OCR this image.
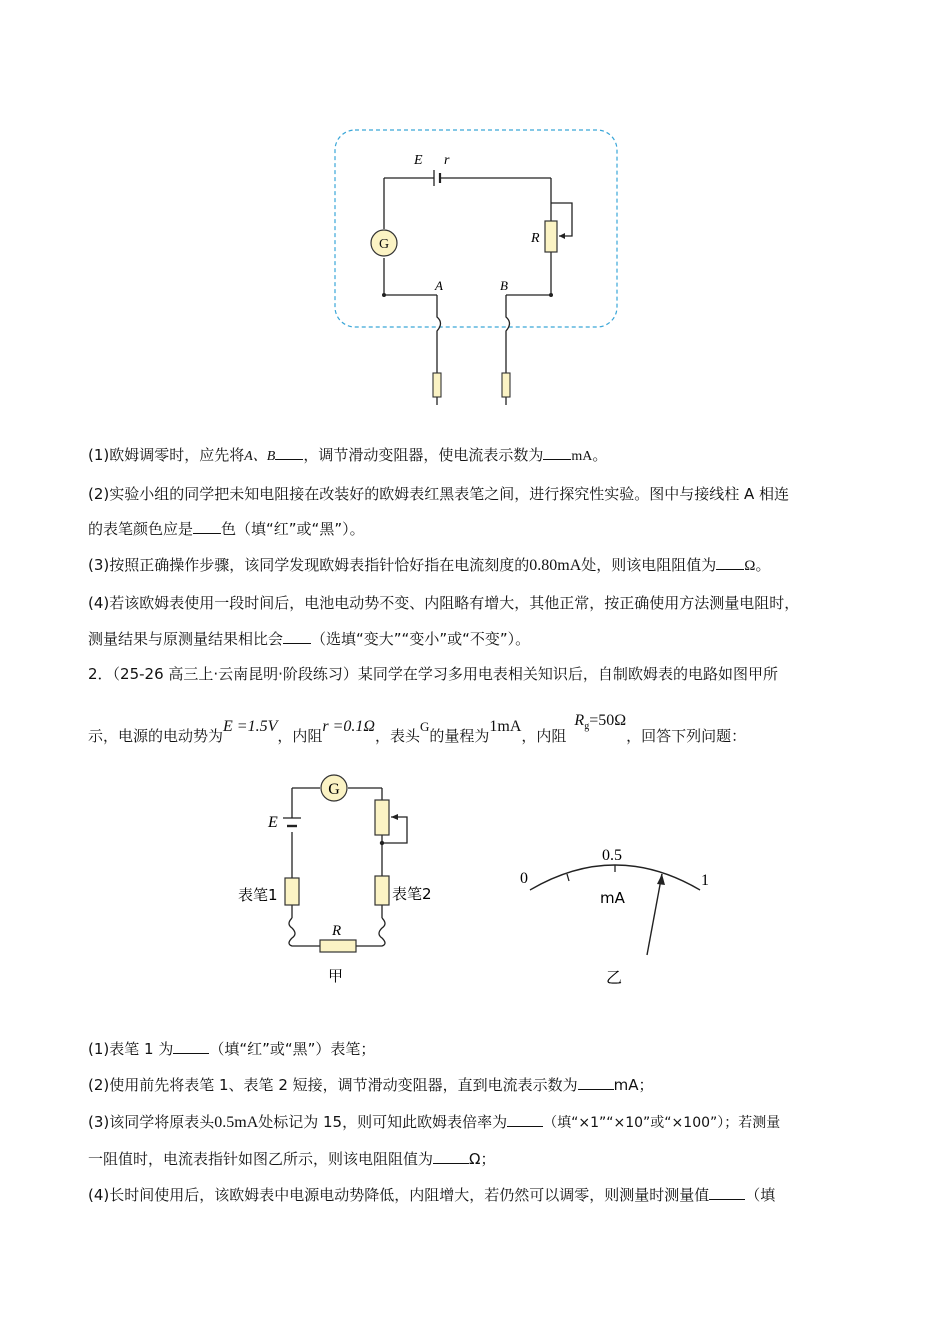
G
E r
R
A	B
(1)欧姆调零时，应先将A、B ，调节滑动变阻器，使电流表示数为 mA。
(2)实验小组的同学把未知电阻接在改装好的欧姆表红黑表笔之间，进行探究性实验。图中与接线柱 A 相连
的表笔颜色应是 色（填“红”或“黑”）。
(3)按照正确操作步骤，该同学发现欧姆表指针恰好指在电流刻度的0.80mA处，则该电阻阻值为 Ω。
(4)若该欧姆表使用一段时间后，电池电动势不变、内阻略有增大，其他正常，按正确使用方法测量电阻时，
测量结果与原测量结果相比会 （选填“变大”“变小”或“不变”）。
2．（25-26 高三上·云南昆明·阶段练习）某同学在学习多用电表相关知识后，自制欧姆表的电路如图甲所
示，电源的电动势为E =1.5V，内阻r =0.1Ω，表头G的量程为1mA，内阻$R_g=50\Omega$，回答下列问题：
G
E
表笔1	表笔2
R
甲
0
0.5
1
mA
乙
(1)表笔 1 为 （填“红”或“黑”）表笔；
(2)使用前先将表笔 1、表笔 2 短接，调节滑动变阻器，直到电流表示数为 mA；
(3)该同学将原表头0.5mA处标记为 15，则可知此欧姆表倍率为	（填“×1”“×10”或“×100”）；若测量
一阻值时，电流表指针如图乙所示，则该电阻阻值为 Ω；
(4)长时间使用后，该欧姆表中电源电动势降低，内阻增大，若仍然可以调零，则测量时测量值 （填
